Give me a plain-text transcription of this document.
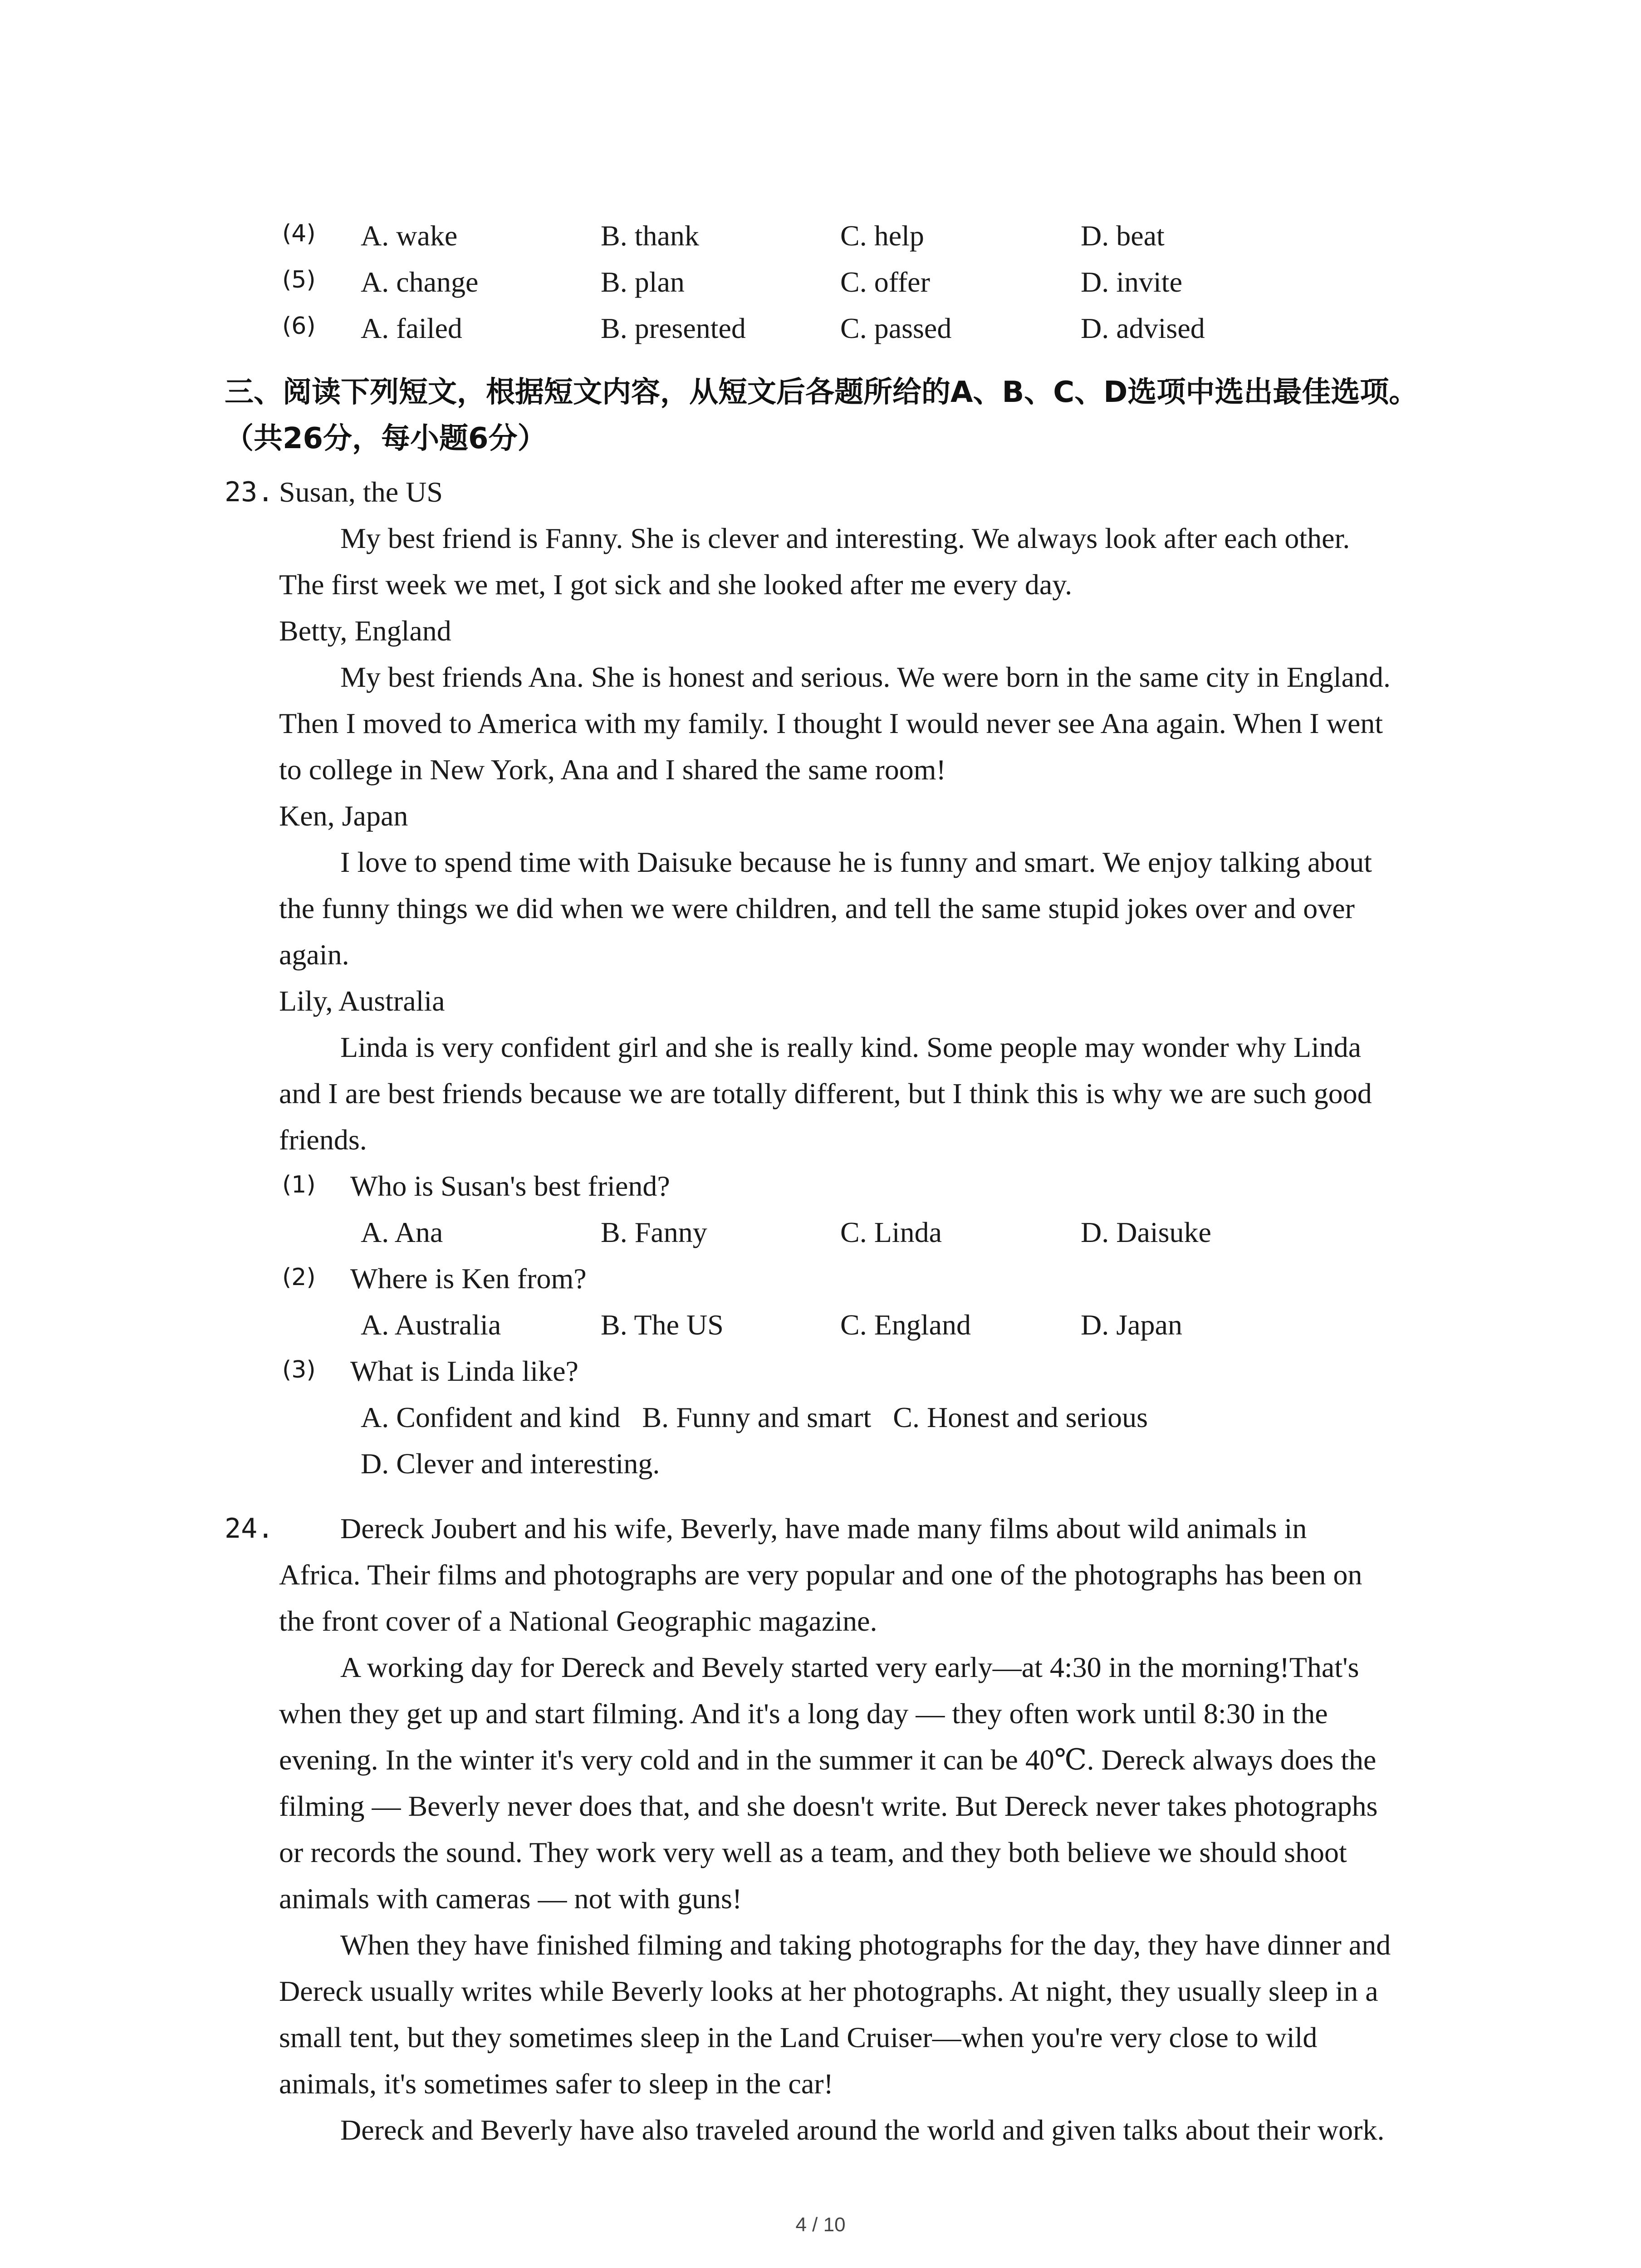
(4) A. wake	B. thank	C. help	D. beat
(5) A. change	B. plan	C. offer	D. invite
(6) A. failed	B. presented	C. passed	D. advised
三、阅读下列短文，根据短文内容，从短文后各题所给的A、B、C、D选项中选出最佳选项。
（共26分，每小题6分）
23. Susan, the US
My best friend is Fanny. She is clever and interesting. We always look after each other.
The first week we met, I got sick and she looked after me every day.
Betty, England
My best friends Ana. She is honest and serious. We were born in the same city in England.
Then I moved to America with my family. I thought I would never see Ana again. When I went
to college in New York, Ana and I shared the same room!
Ken, Japan
I love to spend time with Daisuke because he is funny and smart. We enjoy talking about
the funny things we did when we were children, and tell the same stupid jokes over and over
again.
Lily, Australia
Linda is very confident girl and she is really kind. Some people may wonder why Linda
and I are best friends because we are totally different, but I think this is why we are such good
friends.
(1) Who is Susan's best friend?
A. Ana	B. Fanny	C. Linda	D. Daisuke
(2) Where is Ken from?
A. Australia	B. The US	C. England	D. Japan
(3) What is Linda like?
A. Confident and kind   B. Funny and smart   C. Honest and serious
D. Clever and interesting.
24. Dereck Joubert and his wife, Beverly, have made many films about wild animals in
Africa. Their films and photographs are very popular and one of the photographs has been on
the front cover of a National Geographic magazine.
A working day for Dereck and Bevely started very early—at 4:30 in the morning!That's
when they get up and start filming. And it's a long day — they often work until 8:30 in the
evening. In the winter it's very cold and in the summer it can be 40℃. Dereck always does the
filming — Beverly never does that, and she doesn't write. But Dereck never takes photographs
or records the sound. They work very well as a team, and they both believe we should shoot
animals with cameras — not with guns!
When they have finished filming and taking photographs for the day, they have dinner and
Dereck usually writes while Beverly looks at her photographs. At night, they usually sleep in a
small tent, but they sometimes sleep in the Land Cruiser—when you're very close to wild
animals, it's sometimes safer to sleep in the car!
Dereck and Beverly have also traveled around the world and given talks about their work.
4 / 10
